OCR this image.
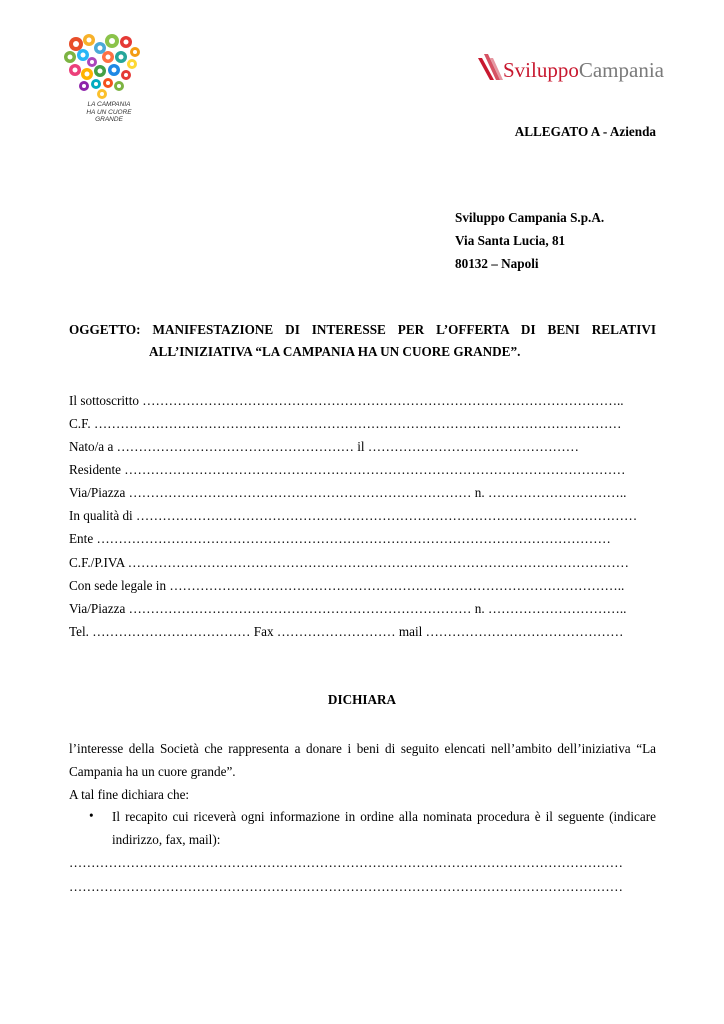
LA CAMPANIA
HA UN CUORE GRANDE
SviluppoCampania
ALLEGATO A - Azienda
Sviluppo Campania S.p.A.
Via Santa Lucia, 81
80132 – Napoli
OGGETTO: MANIFESTAZIONE DI INTERESSE PER L’OFFERTA DI BENI RELATIVI
ALL’INIZIATIVA “LA CAMPANIA HA UN CUORE GRANDE”.
Il sottoscritto ………………………………………………………………………………………………..
C.F. …………………………………………………………………………………………………………
Nato/a a ……………………………………………… il …………………………………………
Residente ……………………………………………………………………………………………………
Via/Piazza …………………………………………………………………… n. …………………………..
In qualità di ……………………………………………………………………………………………………
Ente ………………………………………………………………………………………………………
C.F./P.IVA ……………………………………………………………………………………………………
Con sede legale in …………………………………………………………………………………………..
Via/Piazza …………………………………………………………………… n. …………………………..
Tel. ……………………………… Fax ……………………… mail ………………………………………
DICHIARA
l’interesse della Società che rappresenta a donare i beni di seguito elencati nell’ambito dell’iniziativa “La Campania ha un cuore grande”.
A tal fine dichiara che:
• Il recapito cui riceverà ogni informazione in ordine alla nominata procedura è il seguente (indicare indirizzo, fax, mail):
………………………………………………………………………………………………………………
………………………………………………………………………………………………………………
